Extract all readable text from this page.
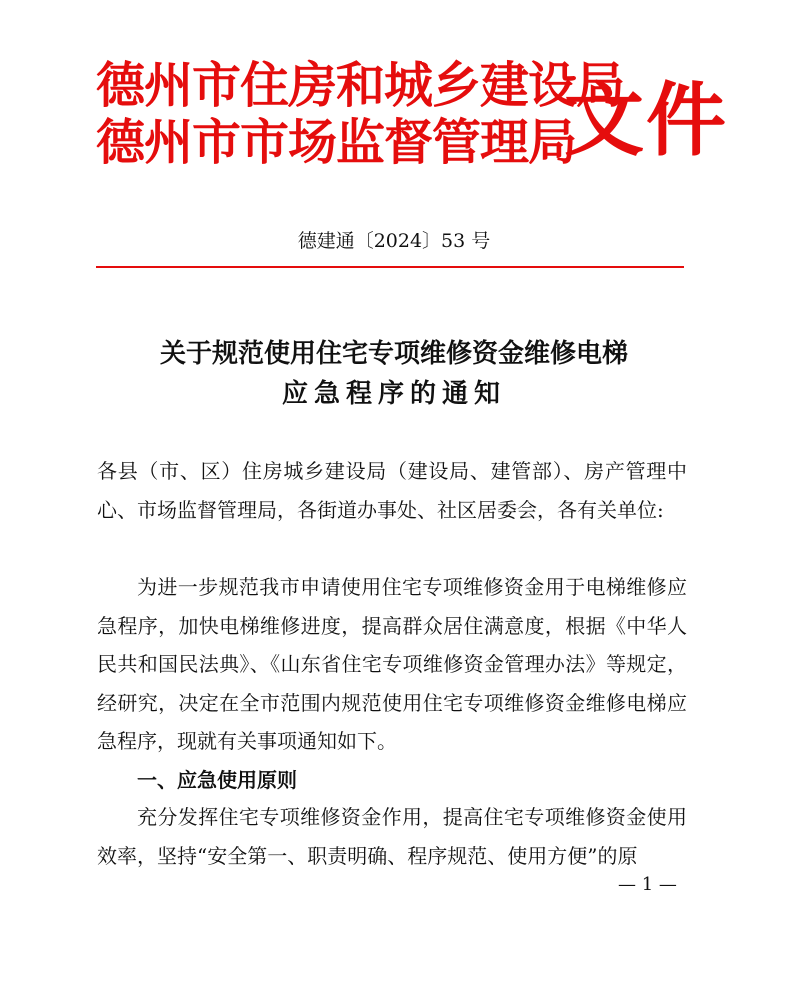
德州市住房和城乡建设局
德州市市场监督管理局
文件
德建通〔2024〕53 号
关于规范使用住宅专项维修资金维修电梯
应急程序的通知
各县（市、区）住房城乡建设局（建设局、建管部）、房产管理中心、市场监督管理局，各街道办事处、社区居委会，各有关单位:
为进一步规范我市申请使用住宅专项维修资金用于电梯维修应急程序，加快电梯维修进度，提高群众居住满意度，根据《中华人民共和国民法典》、《山东省住宅专项维修资金管理办法》等规定，经研究，决定在全市范围内规范使用住宅专项维修资金维修电梯应急程序，现就有关事项通知如下。
一、应急使用原则
充分发挥住宅专项维修资金作用，提高住宅专项维修资金使用效率，坚持“安全第一、职责明确、程序规范、使用方便”的原
— 1 —
